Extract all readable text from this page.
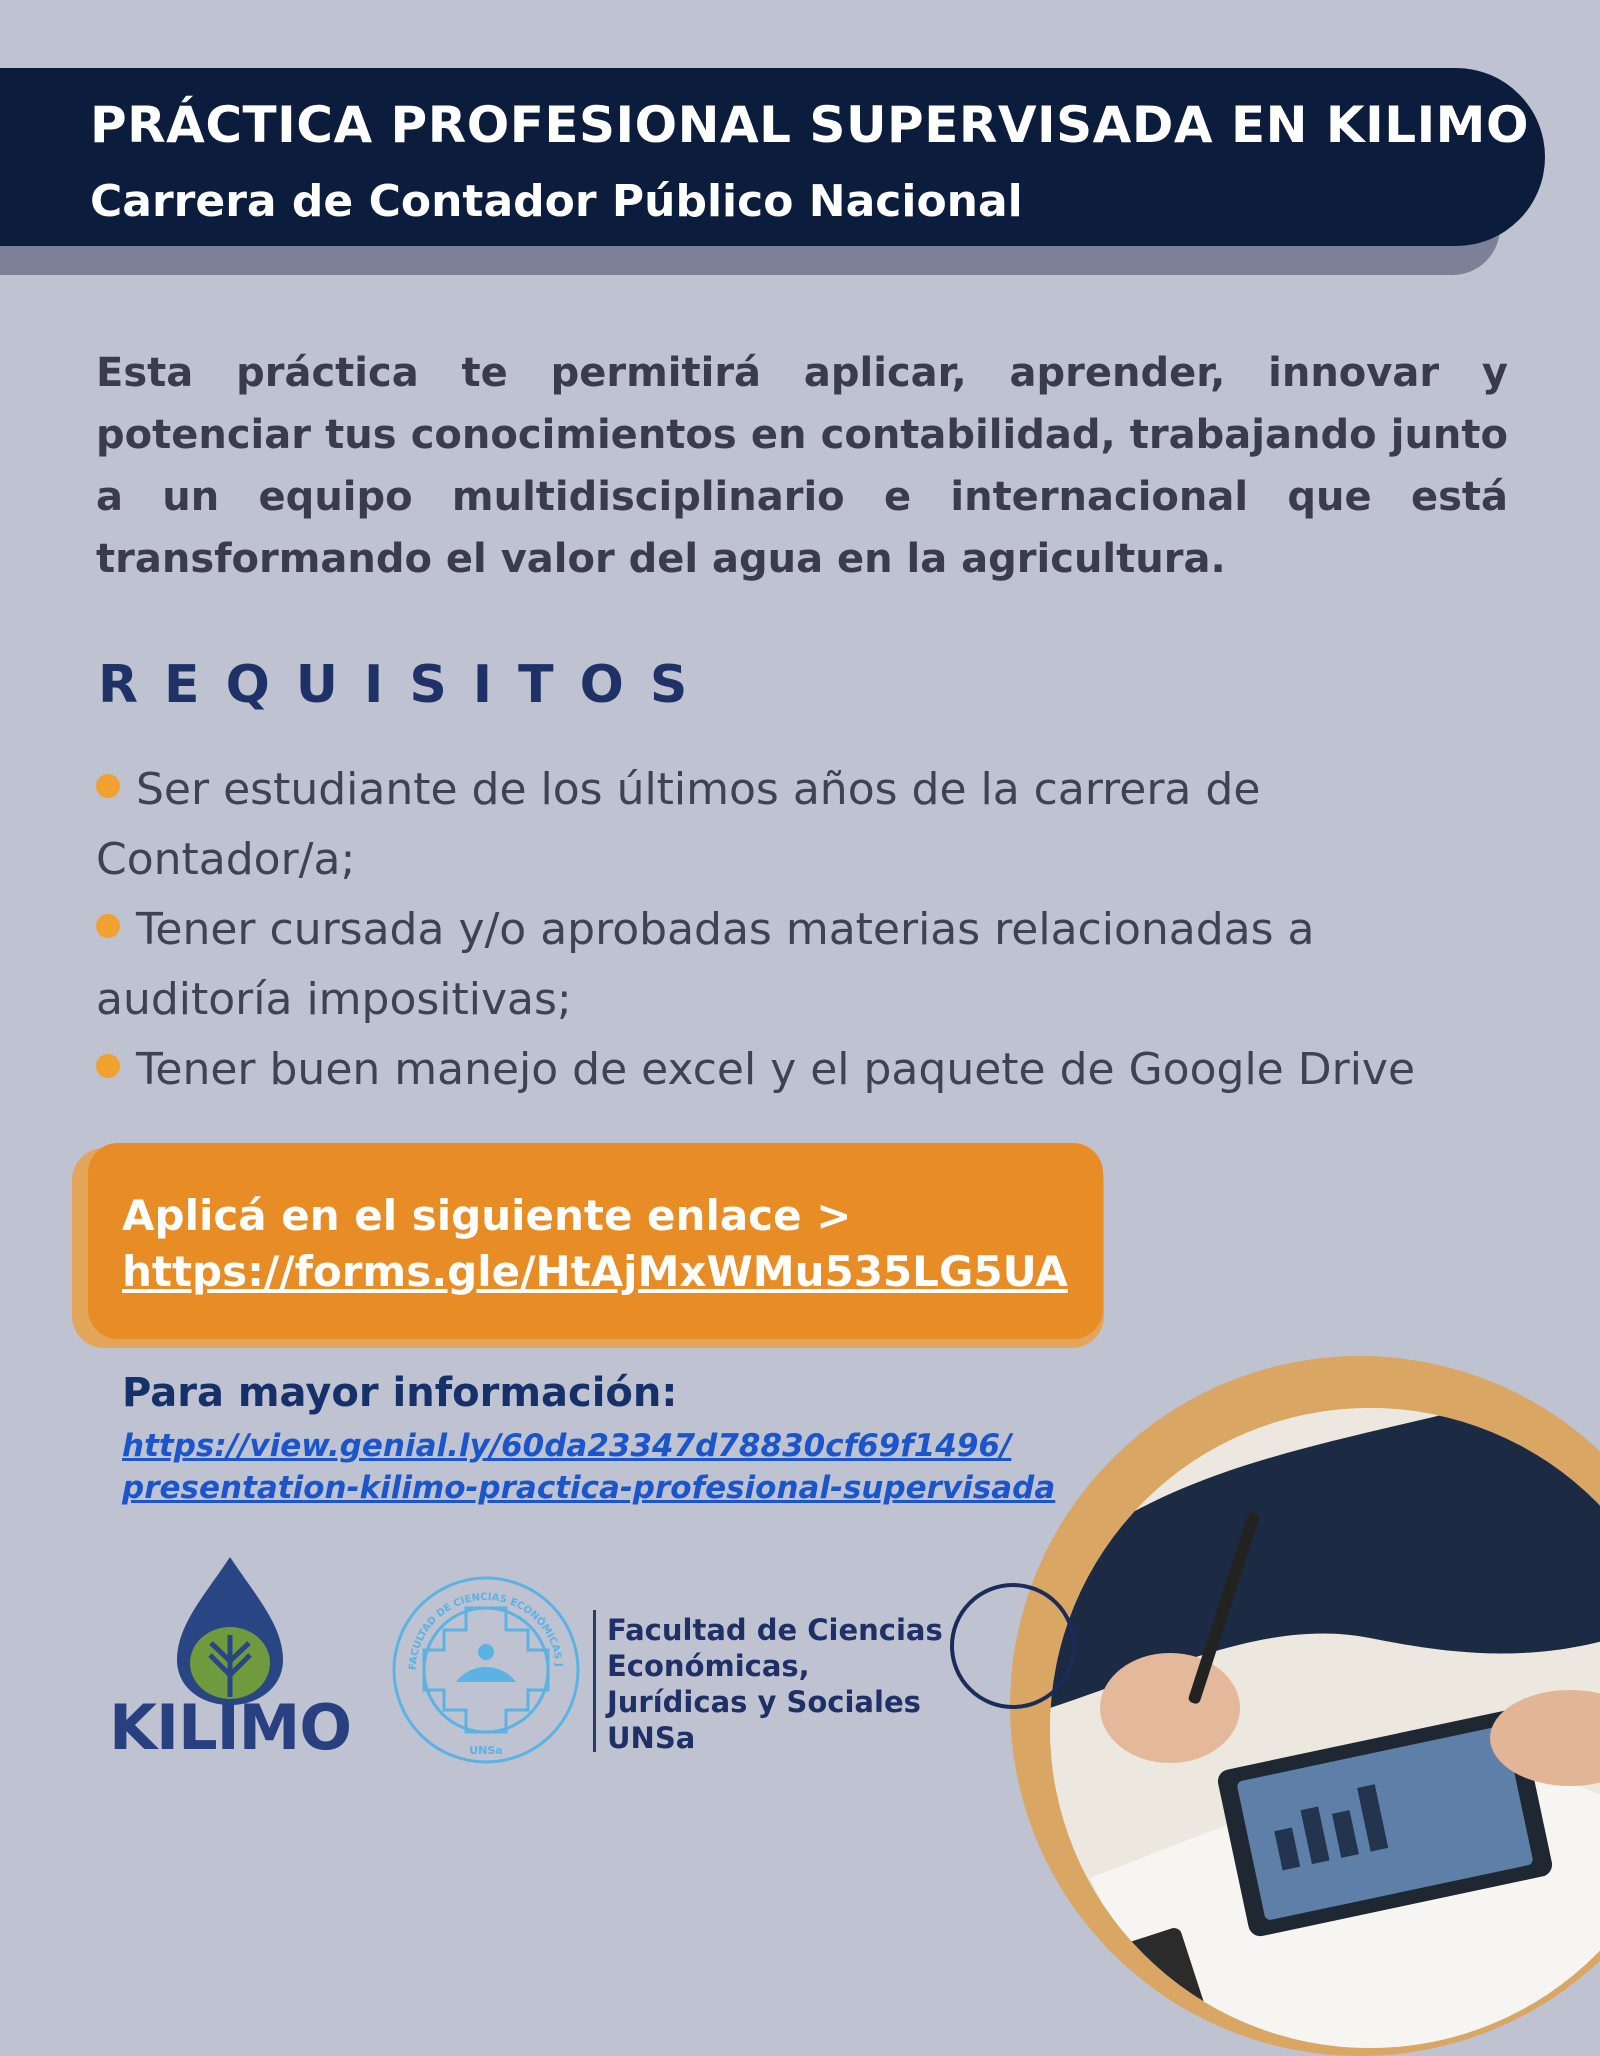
PRÁCTICA PROFESIONAL SUPERVISADA EN KILIMO
Carrera de Contador Público Nacional
Esta práctica te permitirá aplicar, aprender, innovar y potenciar tus conocimientos en contabilidad, trabajando junto a un equipo multidisciplinario e internacional que está transformando el valor del agua en la agricultura.
REQUISITOS
Ser estudiante de los últimos años de la carrera de Contador/a;
Tener cursada y/o aprobadas materias relacionadas a auditoría impositivas;
Tener buen manejo de excel y el paquete de Google Drive
Aplicá en el siguiente enlace >
https://forms.gle/HtAjMxWMu535LG5UA
Para mayor información:
https://view.genial.ly/60da23347d78830cf69f1496/
presentation-kilimo-practica-profesional-supervisada
KILIMO
FACULTAD DE CIENCIAS ECONÓMICAS J
UNSa
Facultad de Ciencias
Económicas,
Jurídicas y Sociales
UNSa
